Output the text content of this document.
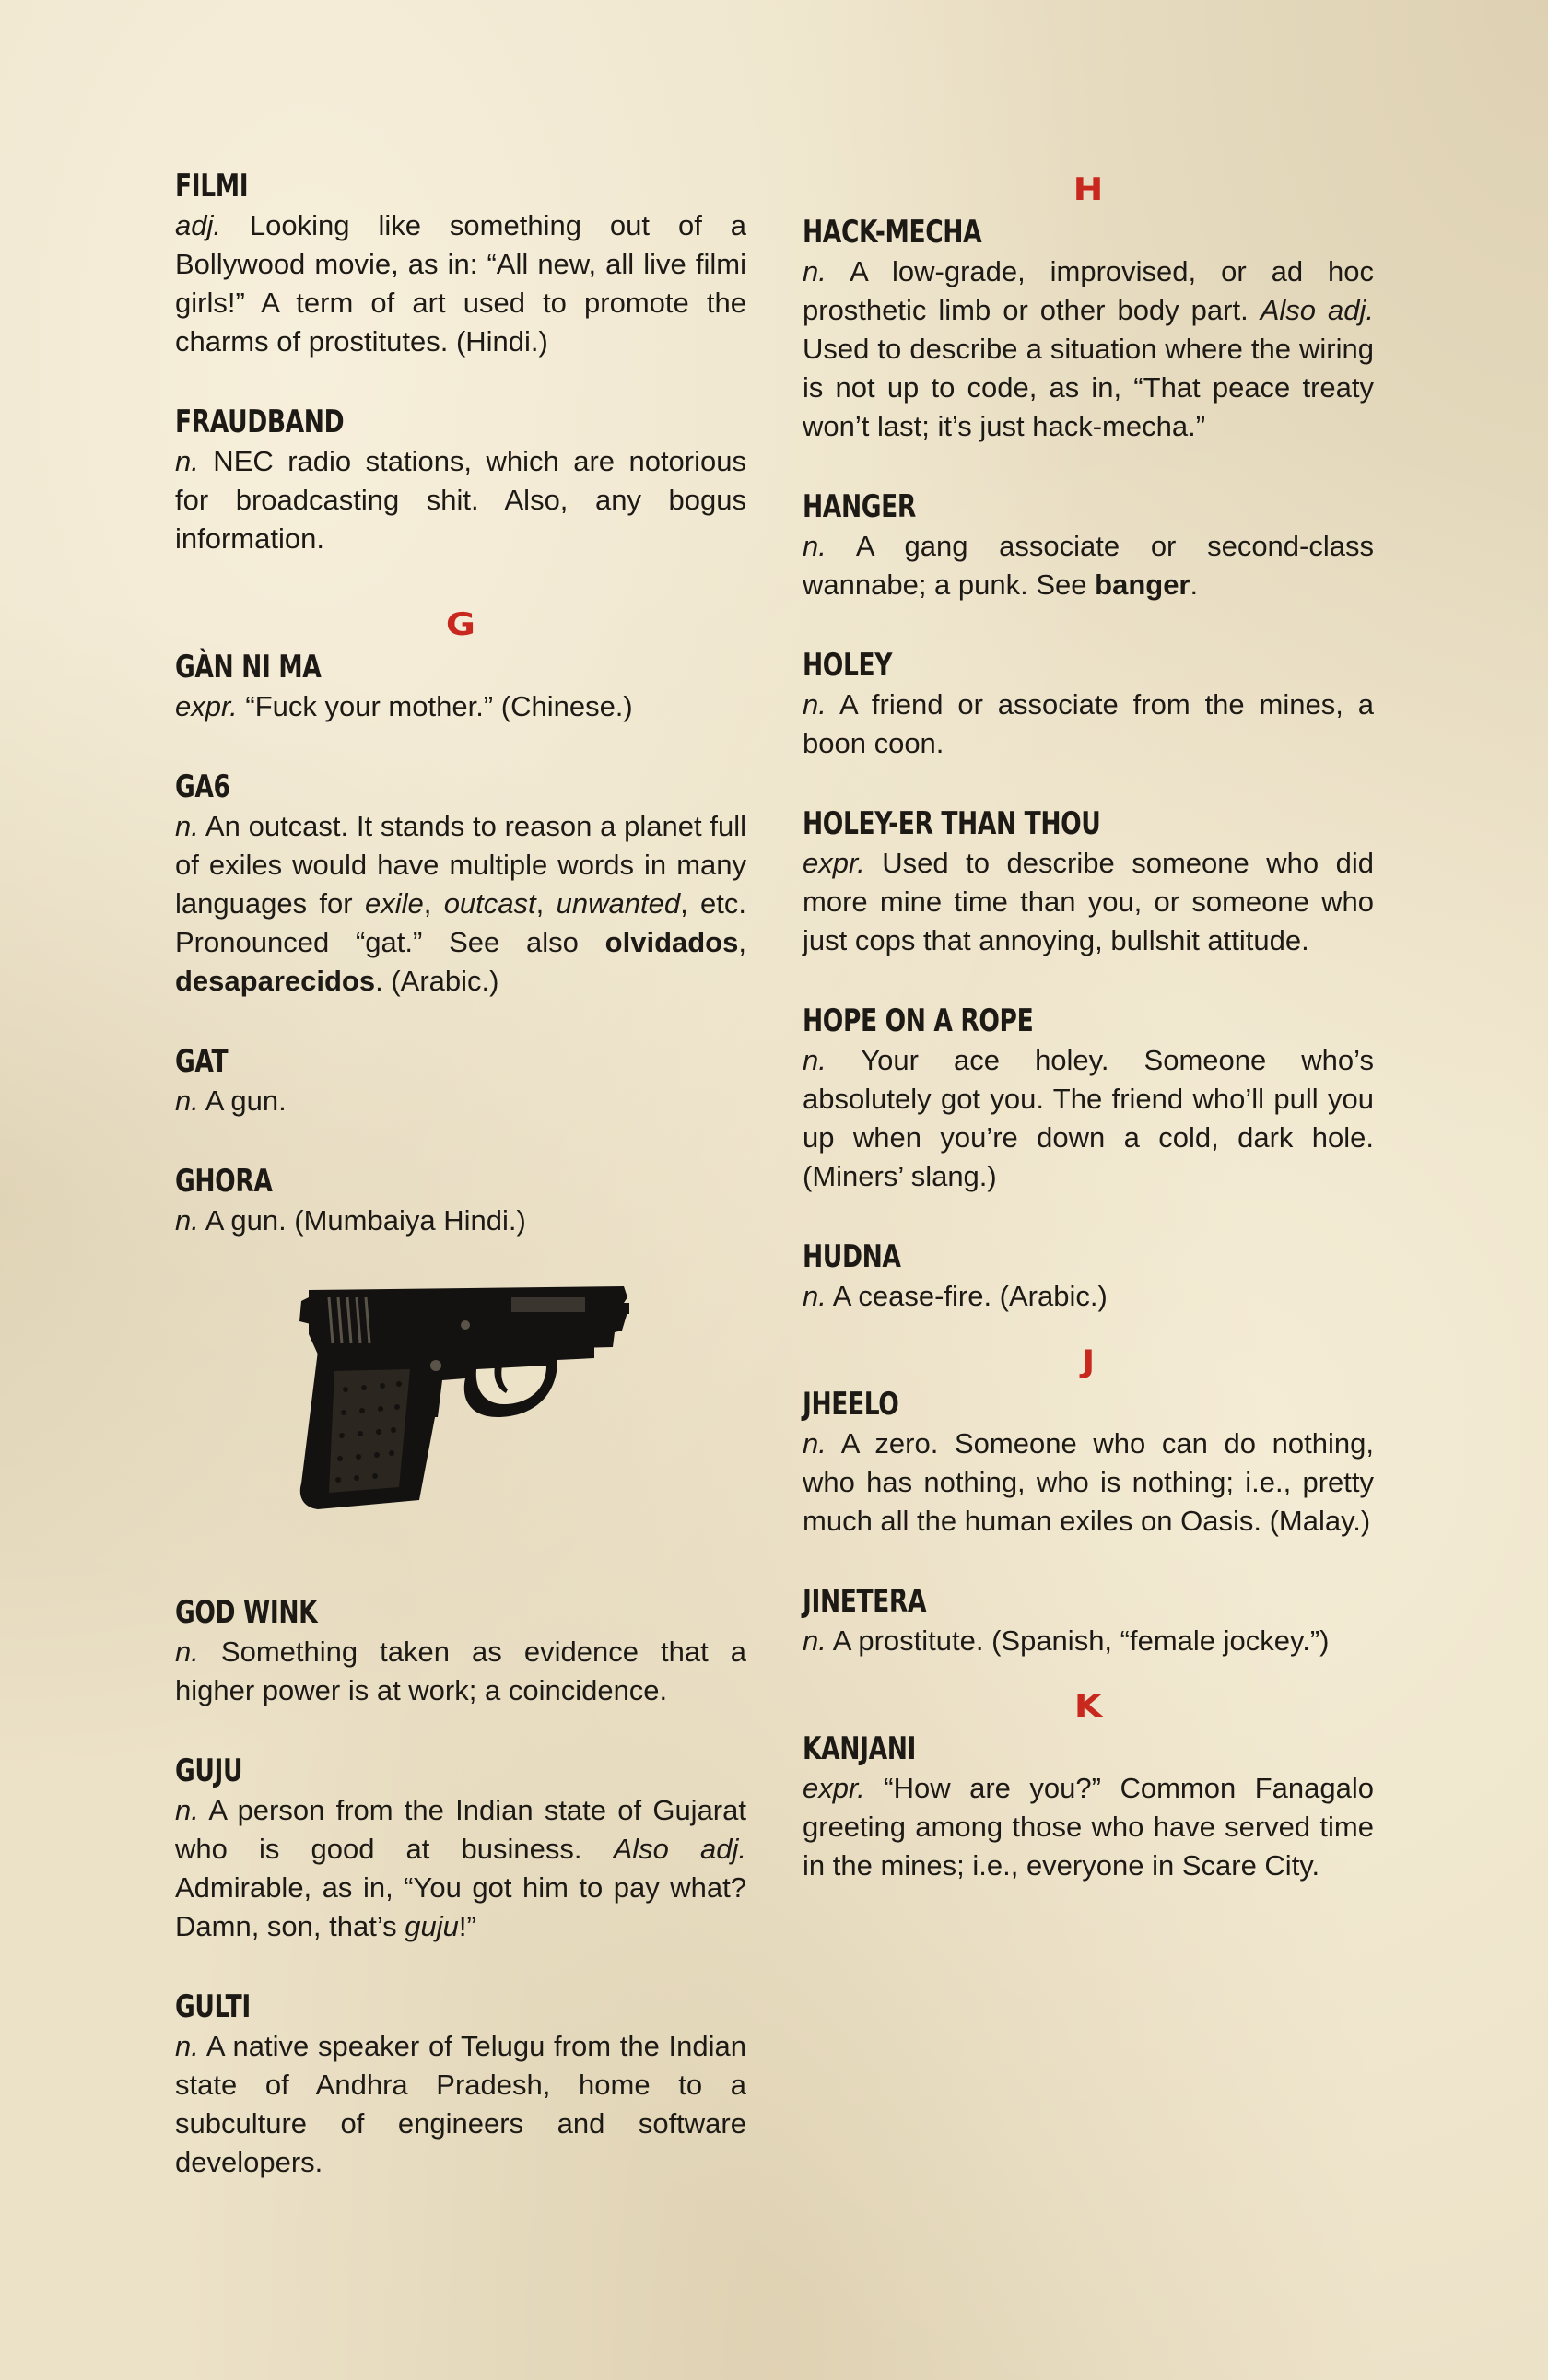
FILMI

adj. Looking like something out of a Bollywood movie, as in: “All new, all live filmi girls!” A term of art used to promote the charms of prostitutes. (Hindi.)

FRAUDBAND

n. NEC radio stations, which are notorious for broadcasting shit. Also, any bogus information.

G
GÀN NI MA

expr. “Fuck your mother.” (Chinese.)

GA6

n. An outcast. It stands to reason a planet full of exiles would have multiple words in many languages for exile, outcast, unwanted, etc. Pronounced “gat.” See also olvidados, desaparecidos. (Arabic.)

GAT

n. A gun.

GHORA

n. A gun. (Mumbaiya Hindi.)

GOD WINK

n. Something taken as evidence that a higher power is at work; a coincidence.

GUJU

n. A person from the Indian state of Gujarat who is good at business. Also adj. Admirable, as in, “You got him to pay what? Damn, son, that’s guju!”

GULTI

n. A native speaker of Telugu from the Indian state of Andhra Pradesh, home to a subculture of engineers and software developers.

H
HACK-MECHA

n. A low-grade, improvised, or ad hoc prosthetic limb or other body part. Also adj. Used to describe a situation where the wiring is not up to code, as in, “That peace treaty won’t last; it’s just hack-mecha.”

HANGER

n. A gang associate or second-class wannabe; a punk. See banger.

HOLEY

n. A friend or associate from the mines, a boon coon.

HOLEY-ER THAN THOU

expr. Used to describe someone who did more mine time than you, or someone who just cops that annoying, bullshit attitude.

HOPE ON A ROPE

n. Your ace holey. Someone who’s absolutely got you. The friend who’ll pull you up when you’re down a cold, dark hole. (Miners’ slang.)

HUDNA

n. A cease-fire. (Arabic.)

J
JHEELO

n. A zero. Someone who can do nothing, who has nothing, who is nothing; i.e., pretty much all the human exiles on Oasis. (Malay.)

JINETERA

n. A prostitute. (Spanish, “female jockey.”)

K
KANJANI

expr. “How are you?” Common Fanagalo greeting among those who have served time in the mines; i.e., everyone in Scare City.
